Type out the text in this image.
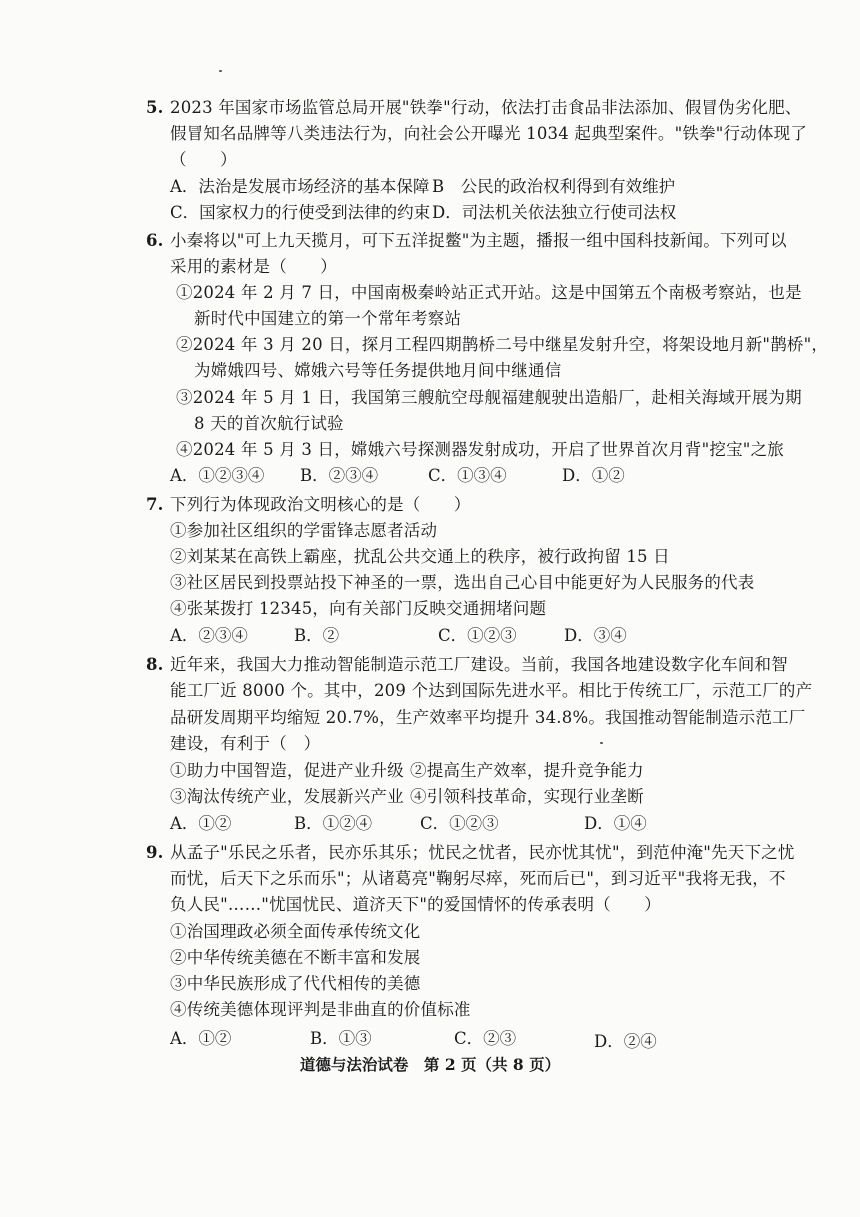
5. 2023 年国家市场监管总局开展"铁拳"行动，依法打击食品非法添加、假冒伪劣化肥、
假冒知名品牌等八类违法行为，向社会公开曝光 1034 起典型案件。"铁拳"行动体现了
（　　）
A．法治是发展市场经济的基本保障 B　公民的政治权利得到有效维护
C．国家权力的行使受到法律的约束 D．司法机关依法独立行使司法权
6. 小秦将以"可上九天揽月，可下五洋捉鳖"为主题，播报一组中国科技新闻。下列可以
采用的素材是（　　）
①2024 年 2 月 7 日，中国南极秦岭站正式开站。这是中国第五个南极考察站，也是
新时代中国建立的第一个常年考察站
②2024 年 3 月 20 日，探月工程四期鹊桥二号中继星发射升空，将架设地月新"鹊桥"，
为嫦娥四号、嫦娥六号等任务提供地月间中继通信
③2024 年 5 月 1 日，我国第三艘航空母舰福建舰驶出造船厂，赴相关海域开展为期
8 天的首次航行试验
④2024 年 5 月 3 日，嫦娥六号探测器发射成功，开启了世界首次月背"挖宝"之旅
A．①②③④ B．②③④	C．①③④	D．①②
7. 下列行为体现政治文明核心的是（　　）
①参加社区组织的学雷锋志愿者活动
②刘某某在高铁上霸座，扰乱公共交通上的秩序，被行政拘留 15 日
③社区居民到投票站投下神圣的一票，选出自己心目中能更好为人民服务的代表
④张某拨打 12345，向有关部门反映交通拥堵问题
A．②③④	B．②	C．①②③	D．③④
8. 近年来，我国大力推动智能制造示范工厂建设。当前，我国各地建设数字化车间和智
能工厂近 8000 个。其中，209 个达到国际先进水平。相比于传统工厂，示范工厂的产
品研发周期平均缩短 20.7%，生产效率平均提升 34.8%。我国推动智能制造示范工厂
建设，有利于（　）
①助力中国智造，促进产业升级 ②提高生产效率，提升竞争能力
③淘汰传统产业，发展新兴产业 ④引领科技革命，实现行业垄断
A．①②	B．①②④	C．①②③	D．①④
9. 从孟子"乐民之乐者，民亦乐其乐；忧民之忧者，民亦忧其忧"，到范仲淹"先天下之忧
而忧，后天下之乐而乐"；从诸葛亮"鞠躬尽瘁，死而后已"，到习近平"我将无我，不
负人民"……"忧国忧民、道济天下"的爱国情怀的传承表明（　　）
①治国理政必须全面传承传统文化
②中华传统美德在不断丰富和发展
③中华民族形成了代代相传的美德
④传统美德体现评判是非曲直的价值标准
A．①②	B．①③	C．②③	D．②④
道德与法治试卷　第 2 页（共 8 页）
